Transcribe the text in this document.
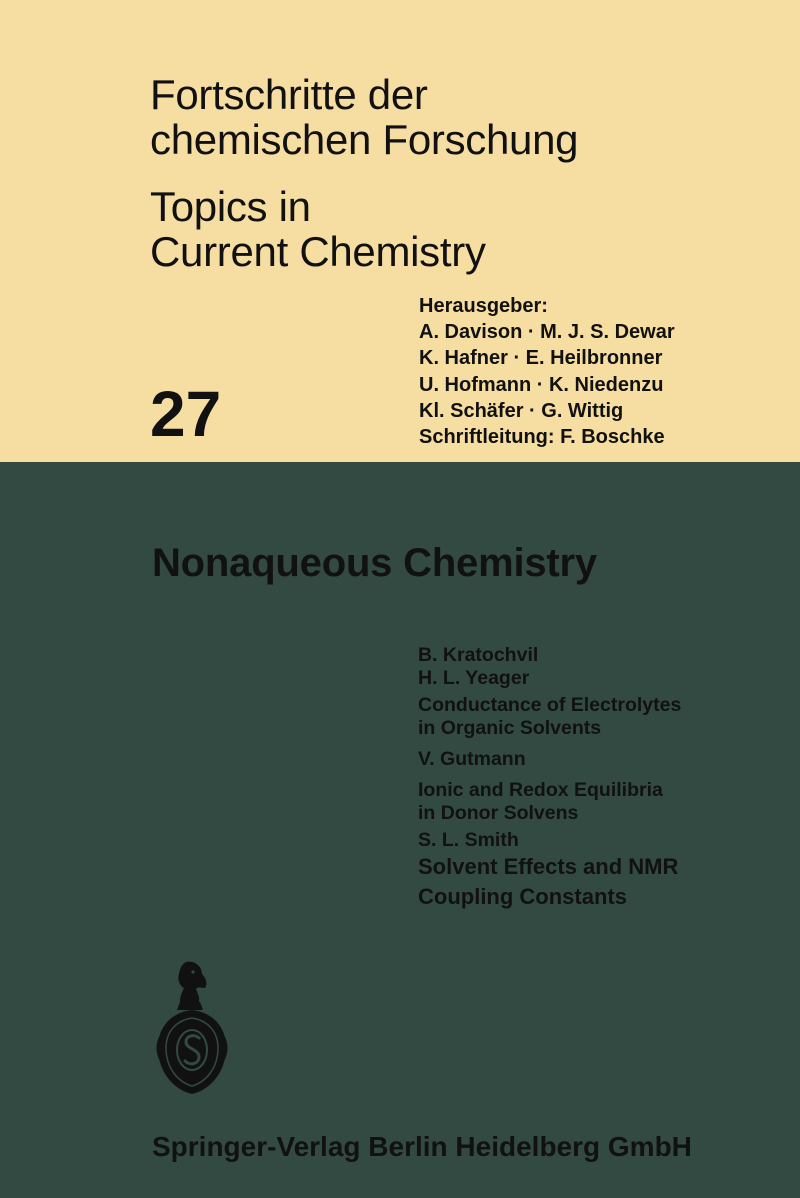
Fortschritte der
chemischen Forschung
Topics in
Current Chemistry
Herausgeber:
A. Davison · M. J. S. Dewar
K. Hafner · E. Heilbronner
U. Hofmann · K. Niedenzu
Kl. Schäfer · G. Wittig
Schriftleitung: F. Boschke
27
Nonaqueous Chemistry
B. Kratochvil
H. L. Yeager
Conductance of Electrolytes
in Organic Solvents
V. Gutmann
Ionic and Redox Equilibria
in Donor Solvens
S. L. Smith
Solvent Effects and NMR
Coupling Constants
Springer-Verlag Berlin Heidelberg GmbH
